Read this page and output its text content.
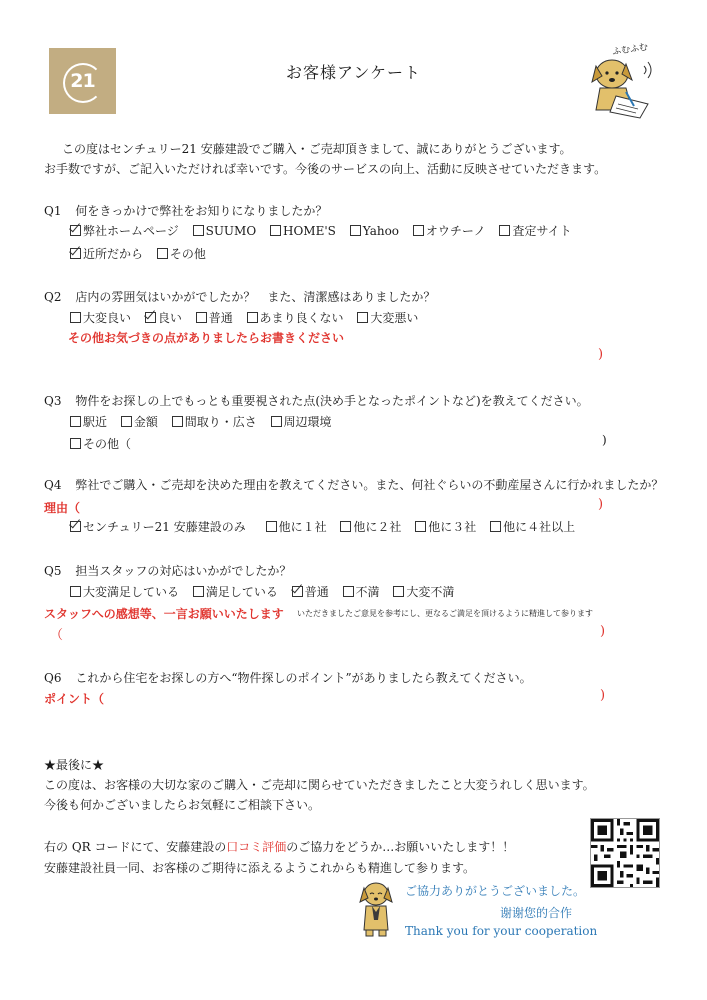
21	お客様アンケート
ふむふむ
この度はセンチュリー21 安藤建設でご購入・ご売却頂きまして、誠にありがとうございます。
お手数ですが、ご記入いただければ幸いです。今後のサービスの向上、活動に反映させていただきます。
Q1 何をきっかけで弊社をお知りになりましたか？
弊社ホームページ SUUMO HOME'S Yahoo オウチーノ 査定サイト
近所だから その他
Q2 店内の雰囲気はいかがでしたか？　また、清潔感はありましたか？
大変良い 良い 普通 あまり良くない 大変悪い
その他お気づきの点がありましたらお書きください
)
Q3 物件をお探しの上でもっとも重要視された点(決め手となったポイントなど)を教えてください。
駅近 金額 間取り・広さ 周辺環境
その他（	)
Q4 弊社でご購入・ご売却を決めた理由を教えてください。また、何社ぐらいの不動産屋さんに行かれましたか？
理由（	)
センチュリー21 安藤建設のみ	他に１社 他に２社 他に３社 他に４社以上
Q5 担当スタッフの対応はいかがでしたか？
大変満足している 満足している 普通 不満 大変不満
スタッフへの感想等、一言お願いいたします いただきましたご意見を参考にし、更なるご満足を頂けるように精進して参ります
（	)
Q6 これから住宅をお探しの方へ“物件探しのポイント”がありましたら教えてください。
ポイント（	)
★最後に★
この度は、お客様の大切な家のご購入・ご売却に関らせていただきましたこと大変うれしく思います。
今後も何かございましたらお気軽にご相談下さい。
右の QR コードにて、安藤建設の口コミ評価のご協力をどうか…お願いいたします！！
安藤建設社員一同、お客様のご期待に添えるようこれからも精進して参ります。
ご協力ありがとうございました。
谢谢您的合作
Thank you for your cooperation
